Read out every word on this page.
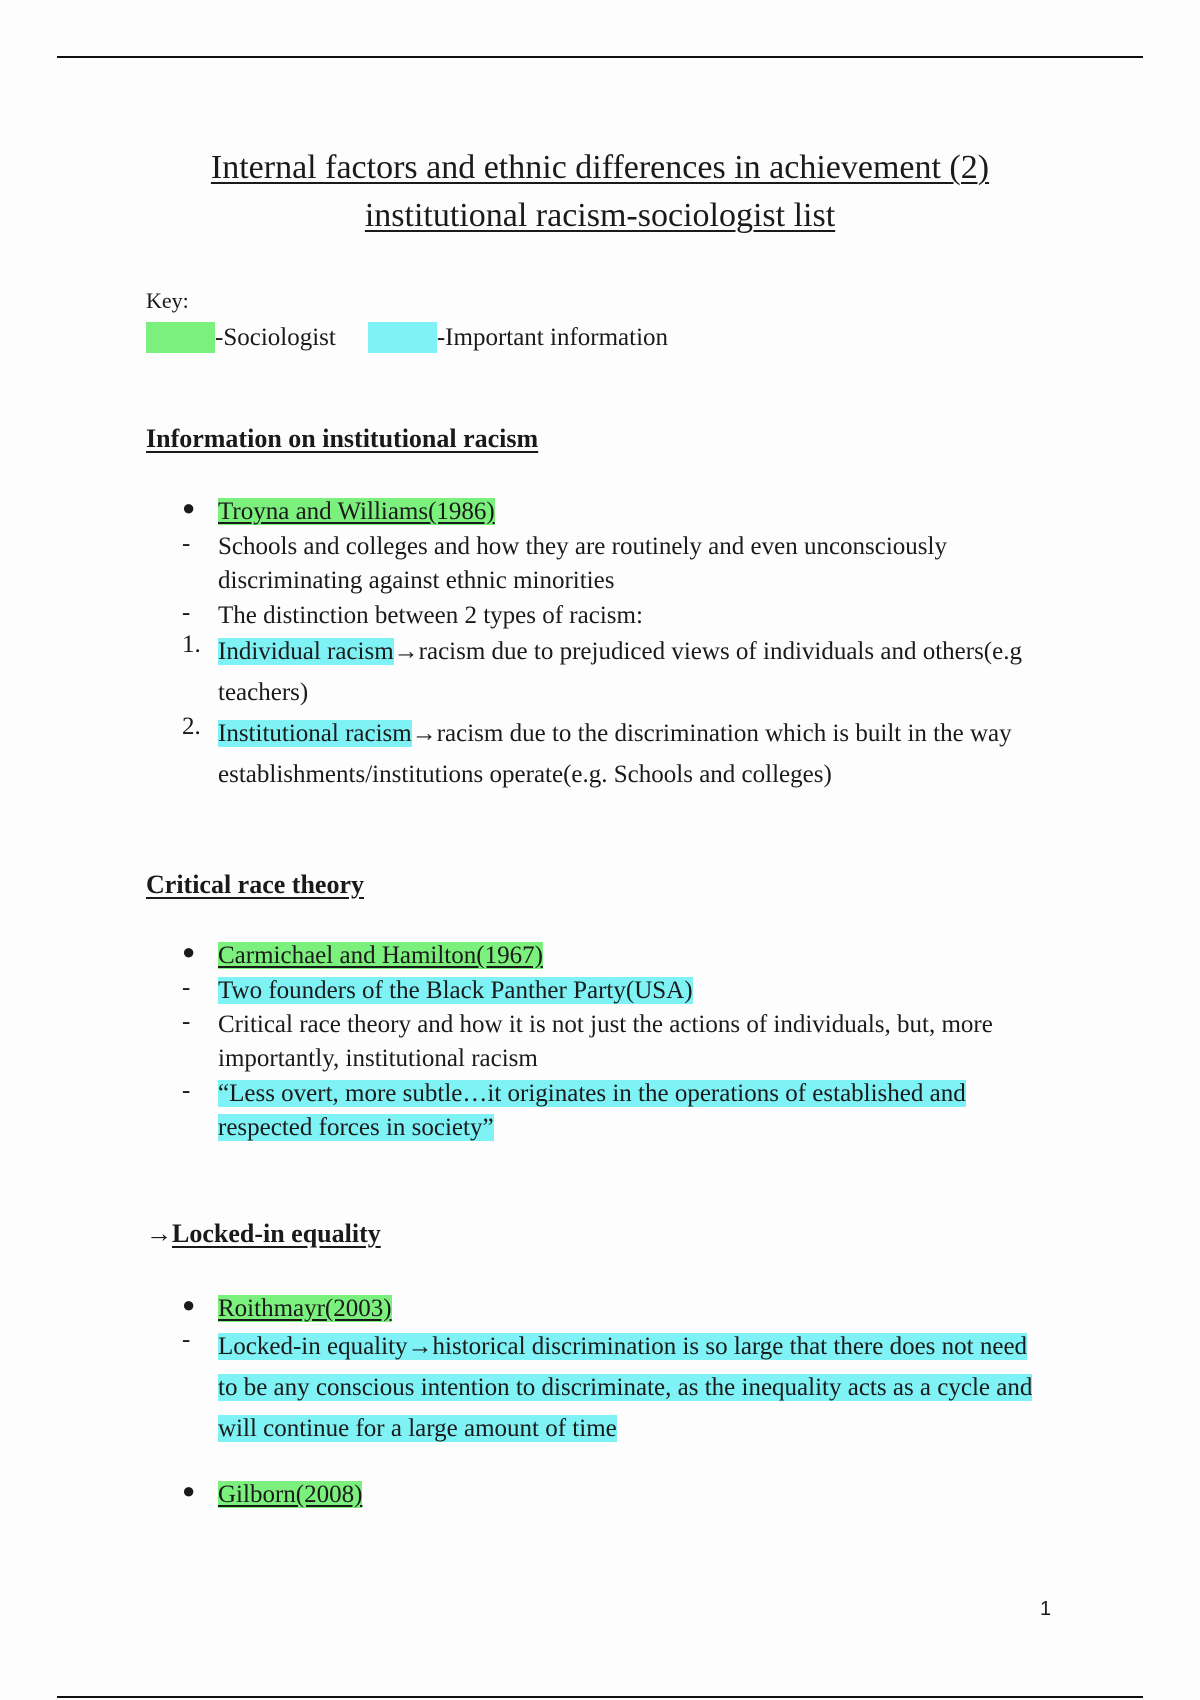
Internal factors and ethnic differences in achievement (2)
institutional racism-sociologist list
Key:
-Sociologist	-Important information
Information on institutional racism
● Troyna and Williams(1986)
-	Schools and colleges and how they are routinely and even unconsciously discriminating against ethnic minorities
-	The distinction between 2 types of racism:
1. Individual racism→racism due to prejudiced views of individuals and others(e.g teachers)
2. Institutional racism→racism due to the discrimination which is built in the way establishments/institutions operate(e.g. Schools and colleges)
Critical race theory
● Carmichael and Hamilton(1967)
-	Two founders of the Black Panther Party(USA)
-	Critical race theory and how it is not just the actions of individuals, but, more importantly, institutional racism
-	“Less overt, more subtle…it originates in the operations of established and respected forces in society”
→Locked-in equality
● Roithmayr(2003)
-	Locked-in equality→historical discrimination is so large that there does not need to be any conscious intention to discriminate, as the inequality acts as a cycle and will continue for a large amount of time
● Gilborn(2008)
1
